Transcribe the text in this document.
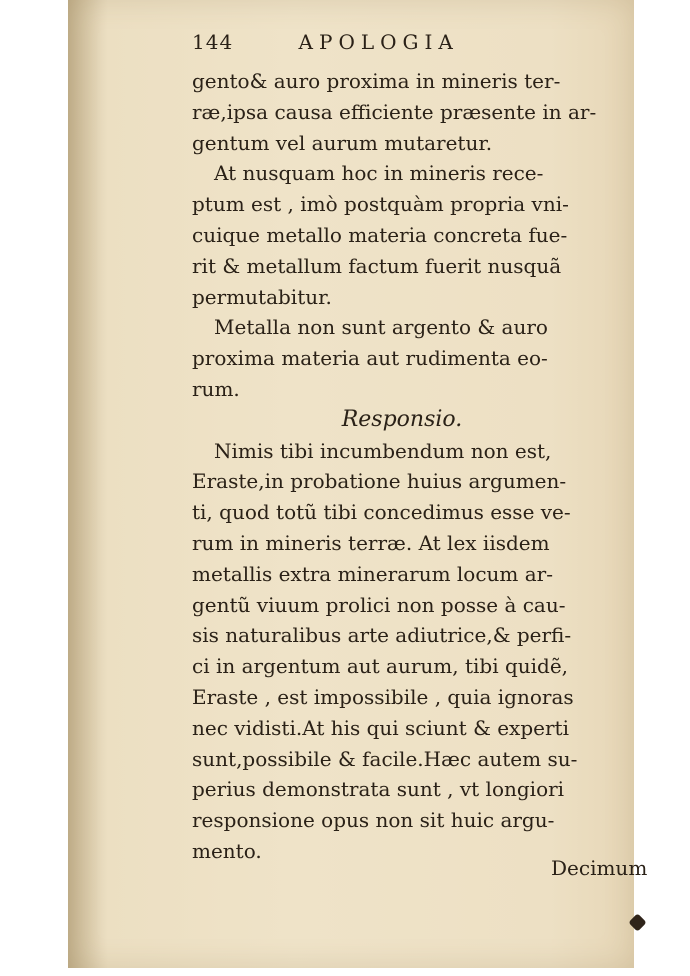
144	APOLOGIA
gento& auro proxima in mineris ter-
ræ,ipsa causa efficiente præsente in ar-
gentum vel aurum mutaretur.
At nusquam hoc in mineris rece-
ptum est , imò postquàm propria vni-
cuique metallo materia concreta fue-
rit & metallum factum fuerit nusquã
permutabitur.
Metalla non sunt argento & auro
proxima materia aut rudimenta eo-
rum.
Responsio.
Nimis tibi incumbendum non est,
Eraste,in probatione huius argumen-
ti, quod totũ tibi concedimus esse ve-
rum in mineris terræ. At lex iisdem
metallis extra minerarum locum ar-
gentũ viuum prolici non posse à cau-
sis naturalibus arte adiutrice,& perfi-
ci in argentum aut aurum, tibi quidẽ,
Eraste , est impossibile , quia ignoras
nec vidisti.At his qui sciunt & experti
sunt,possibile & facile.Hæc autem su-
perius demonstrata sunt , vt longiori
responsione opus non sit huic argu-
mento.
Decimum
